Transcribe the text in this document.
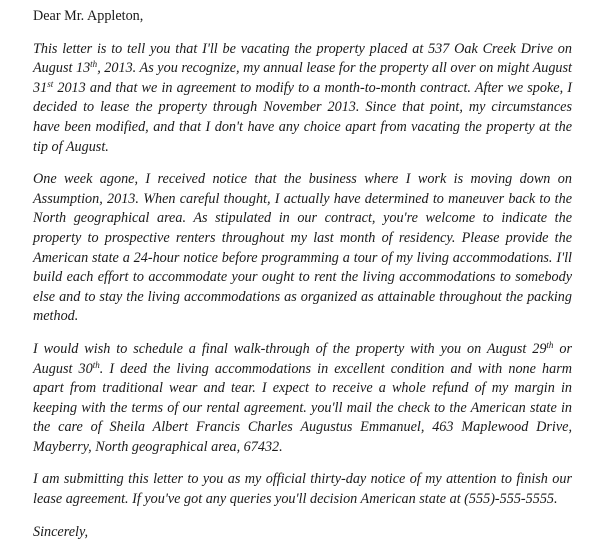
Dear Mr. Appleton,

This letter is to tell you that I'll be vacating the property placed at 537 Oak Creek Drive on August 13th, 2013. As you recognize, my annual lease for the property all over on might August 31st 2013 and that we in agreement to modify to a month-to-month contract. After we spoke, I decided to lease the property through November 2013. Since that point, my circumstances have been modified, and that I don't have any choice apart from vacating the property at the tip of August.

One week agone, I received notice that the business where I work is moving down on Assumption, 2013. When careful thought, I actually have determined to maneuver back to the North geographical area. As stipulated in our contract, you're welcome to indicate the property to prospective renters throughout my last month of residency. Please provide the American state a 24-hour notice before programming a tour of my living accommodations. I'll build each effort to accommodate your ought to rent the living accommodations to somebody else and to stay the living accommodations as organized as attainable throughout the packing method.

I would wish to schedule a final walk-through of the property with you on August 29th or August 30th. I deed the living accommodations in excellent condition and with none harm apart from traditional wear and tear. I expect to receive a whole refund of my margin in keeping with the terms of our rental agreement. you'll mail the check to the American state in the care of Sheila Albert Francis Charles Augustus Emmanuel, 463 Maplewood Drive, Mayberry, North geographical area, 67432.

I am submitting this letter to you as my official thirty-day notice of my attention to finish our lease agreement. If you've got any queries you'll decision American state at (555)-555-5555.

Sincerely,
